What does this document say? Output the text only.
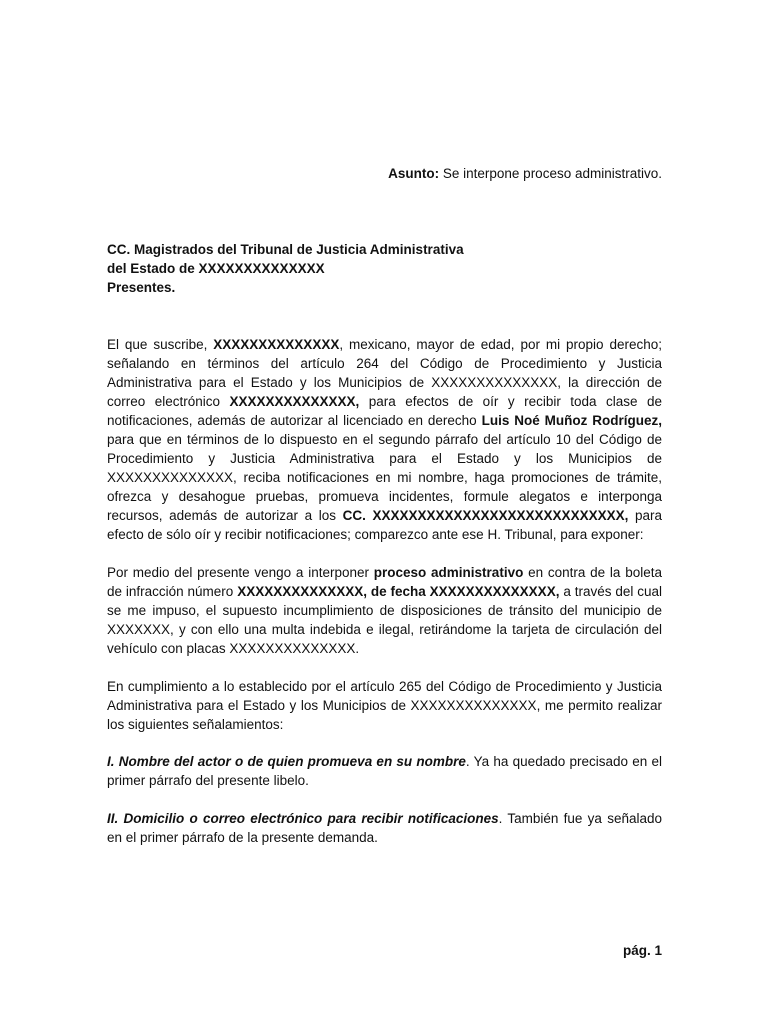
Asunto: Se interpone proceso administrativo.

CC. Magistrados del Tribunal de Justicia Administrativa
del Estado de XXXXXXXXXXXXXX
Presentes.

El que suscribe, XXXXXXXXXXXXXX, mexicano, mayor de edad, por mi propio derecho; señalando en términos del artículo 264 del Código de Procedimiento y Justicia Administrativa para el Estado y los Municipios de XXXXXXXXXXXXXX, la dirección de correo electrónico XXXXXXXXXXXXXX, para efectos de oír y recibir toda clase de notificaciones, además de autorizar al licenciado en derecho Luis Noé Muñoz Rodríguez, para que en términos de lo dispuesto en el segundo párrafo del artículo 10 del Código de Procedimiento y Justicia Administrativa para el Estado y los Municipios de XXXXXXXXXXXXXX, reciba notificaciones en mi nombre, haga promociones de trámite, ofrezca y desahogue pruebas, promueva incidentes, formule alegatos e interponga recursos, además de autorizar a los CC. XXXXXXXXXXXXXXXXXXXXXXXXXXXX, para efecto de sólo oír y recibir notificaciones; comparezco ante ese H. Tribunal, para exponer:

Por medio del presente vengo a interponer proceso administrativo en contra de la boleta de infracción número XXXXXXXXXXXXXX, de fecha XXXXXXXXXXXXXX, a través del cual se me impuso, el supuesto incumplimiento de disposiciones de tránsito del municipio de XXXXXXX, y con ello una multa indebida e ilegal, retirándome la tarjeta de circulación del vehículo con placas XXXXXXXXXXXXXX.

En cumplimiento a lo establecido por el artículo 265 del Código de Procedimiento y Justicia Administrativa para el Estado y los Municipios de XXXXXXXXXXXXXX, me permito realizar los siguientes señalamientos:

I. Nombre del actor o de quien promueva en su nombre. Ya ha quedado precisado en el primer párrafo del presente libelo.

II. Domicilio o correo electrónico para recibir notificaciones. También fue ya señalado en el primer párrafo de la presente demanda.

pág. 1
